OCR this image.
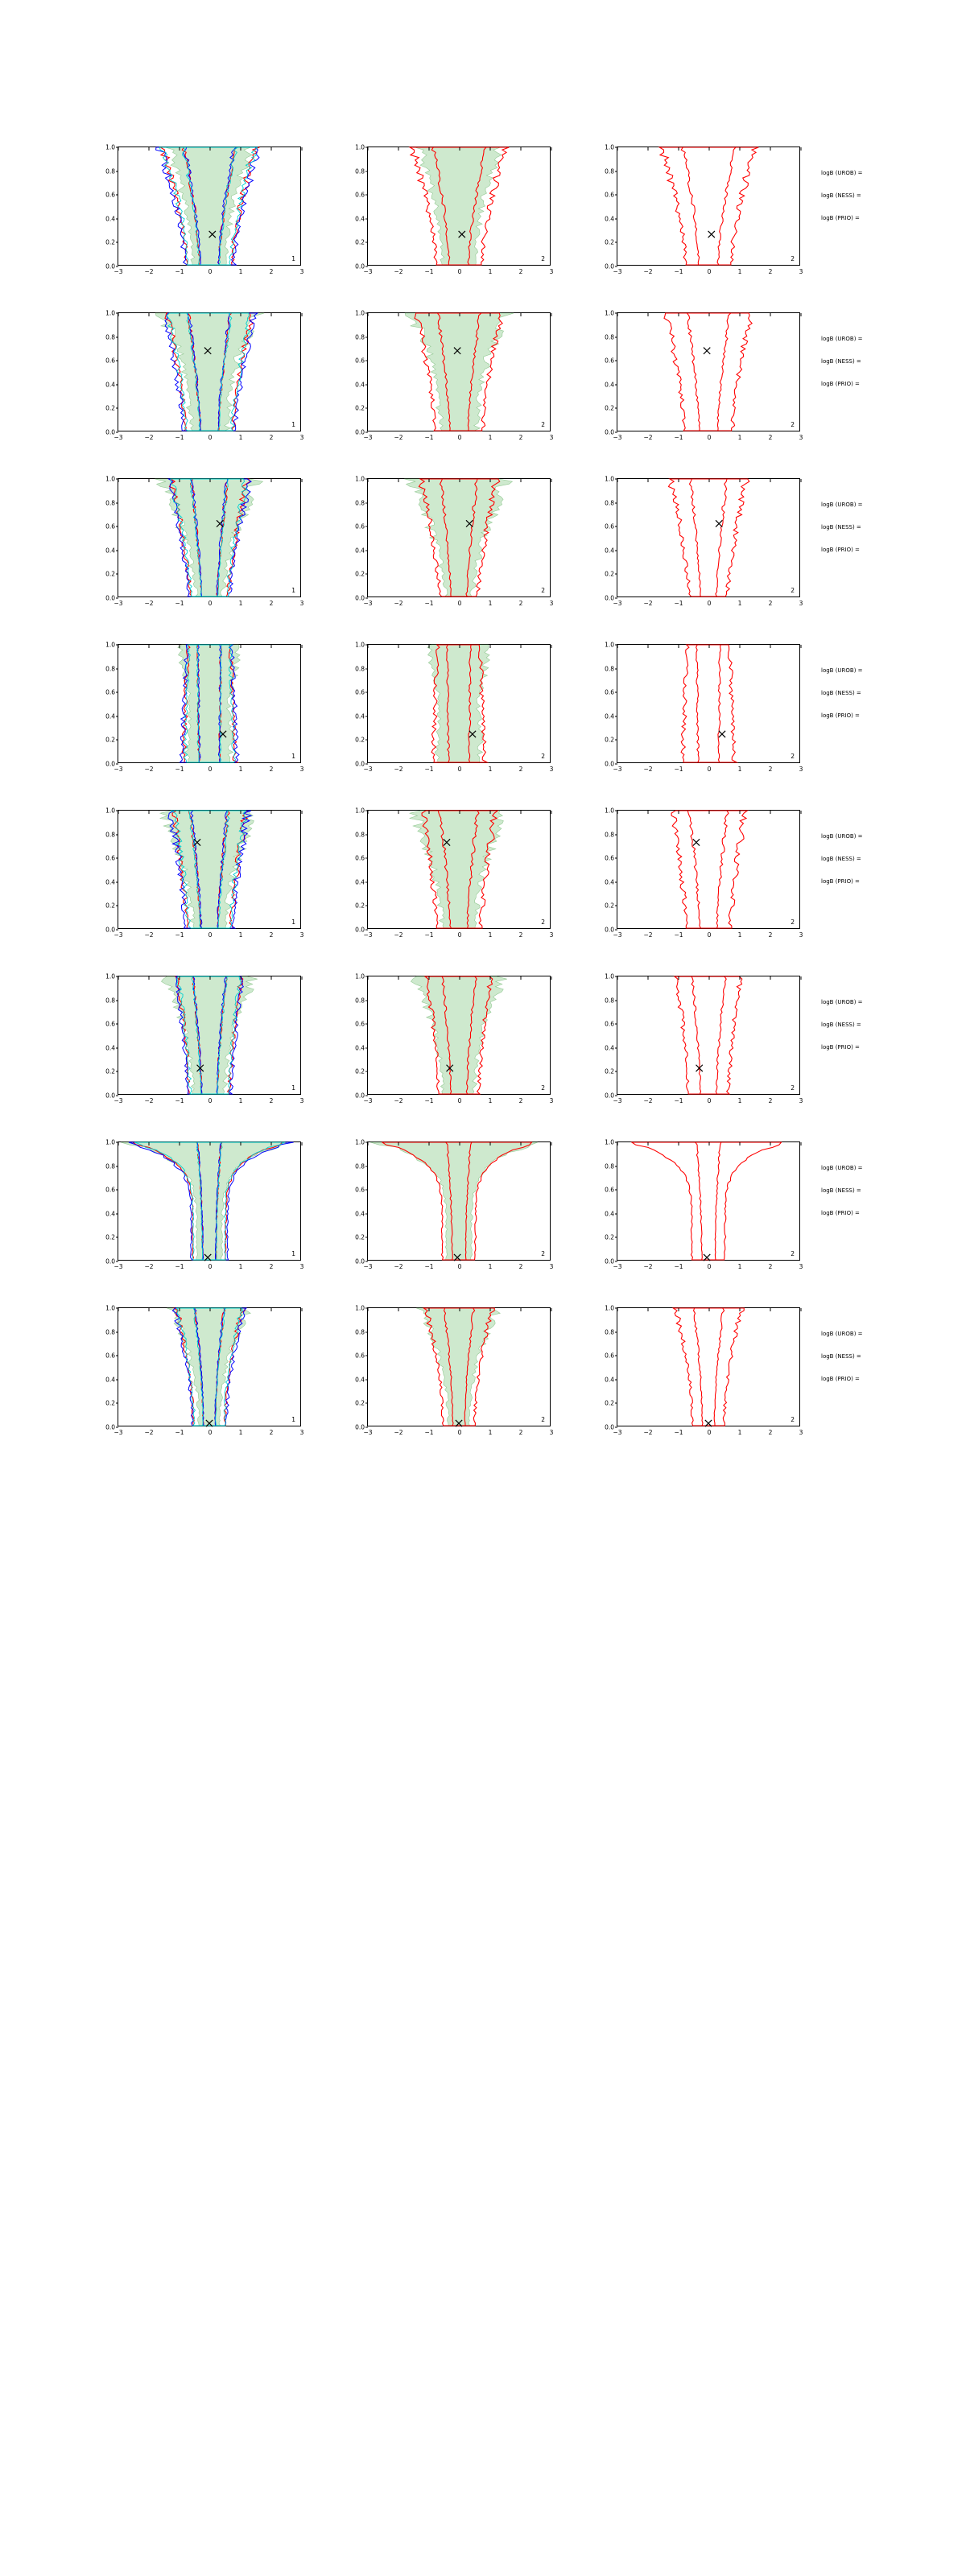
0.0
0.2
0.4
0.6
0.8
1.0
−3	−2	−1	0	1	2	3
1
0.0
0.2
0.4
0.6
0.8
1.0
−3	−2	−1	0	1	2	3
2
0.0
0.2
0.4
0.6
0.8
1.0
−3	−2	−1	0	1	2	3
2
logB (UROB) =
logB (NESS) =
logB (PRIO) =
0.0
0.2
0.4
0.6
0.8
1.0
−3	−2	−1	0	1	2	3
1
0.0
0.2
0.4
0.6
0.8
1.0
−3	−2	−1	0	1	2	3
2
0.0
0.2
0.4
0.6
0.8
1.0
−3	−2	−1	0	1	2	3
2
logB (UROB) =
logB (NESS) =
logB (PRIO) =
0.0
0.2
0.4
0.6
0.8
1.0
−3	−2	−1	0	1	2	3
1
0.0
0.2
0.4
0.6
0.8
1.0
−3	−2	−1	0	1	2	3
2
0.0
0.2
0.4
0.6
0.8
1.0
−3	−2	−1	0	1	2	3
2
logB (UROB) =
logB (NESS) =
logB (PRIO) =
0.0
0.2
0.4
0.6
0.8
1.0
−3	−2	−1	0	1	2	3
1
0.0
0.2
0.4
0.6
0.8
1.0
−3	−2	−1	0	1	2	3
2
0.0
0.2
0.4
0.6
0.8
1.0
−3	−2	−1	0	1	2	3
2
logB (UROB) =
logB (NESS) =
logB (PRIO) =
0.0
0.2
0.4
0.6
0.8
1.0
−3	−2	−1	0	1	2	3
1
0.0
0.2
0.4
0.6
0.8
1.0
−3	−2	−1	0	1	2	3
2
0.0
0.2
0.4
0.6
0.8
1.0
−3	−2	−1	0	1	2	3
2
logB (UROB) =
logB (NESS) =
logB (PRIO) =
0.0
0.2
0.4
0.6
0.8
1.0
−3	−2	−1	0	1	2	3
1
0.0
0.2
0.4
0.6
0.8
1.0
−3	−2	−1	0	1	2	3
2
0.0
0.2
0.4
0.6
0.8
1.0
−3	−2	−1	0	1	2	3
2
logB (UROB) =
logB (NESS) =
logB (PRIO) =
0.0
0.2
0.4
0.6
0.8
1.0
−3	−2	−1	0	1	2	3
1
0.0
0.2
0.4
0.6
0.8
1.0
−3	−2	−1	0	1	2	3
2
0.0
0.2
0.4
0.6
0.8
1.0
−3	−2	−1	0	1	2	3
2
logB (UROB) =
logB (NESS) =
logB (PRIO) =
0.0
0.2
0.4
0.6
0.8
1.0
−3	−2	−1	0	1	2	3
1
0.0
0.2
0.4
0.6
0.8
1.0
−3	−2	−1	0	1	2	3
2
0.0
0.2
0.4
0.6
0.8
1.0
−3	−2	−1	0	1	2	3
2
logB (UROB) =
logB (NESS) =
logB (PRIO) =
